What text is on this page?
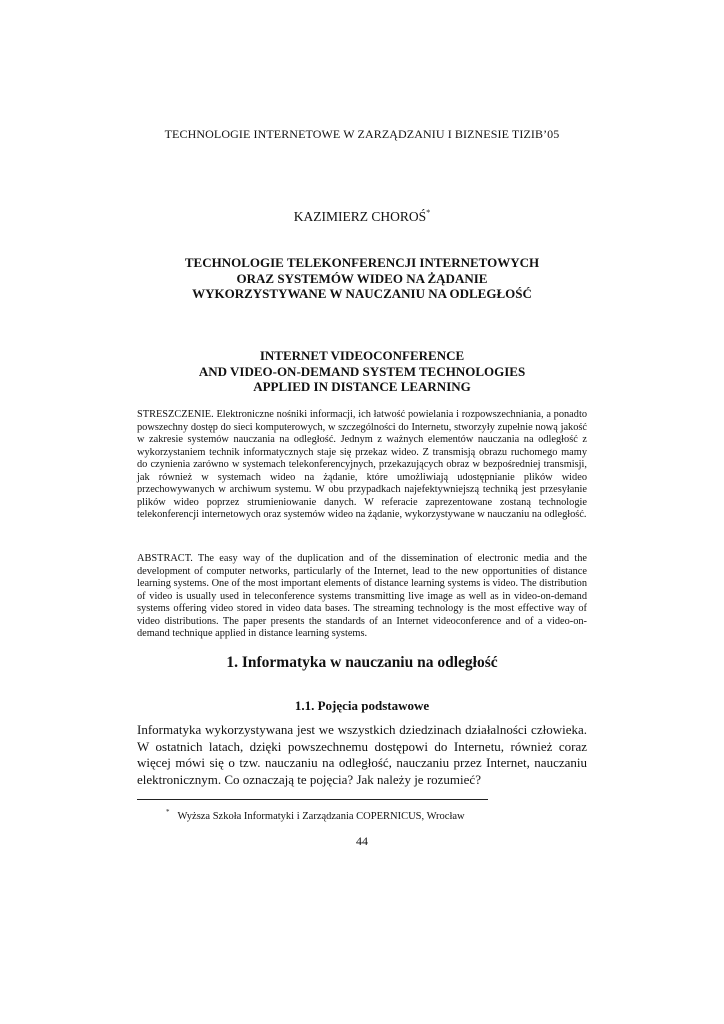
TECHNOLOGIE INTERNETOWE W ZARZĄDZANIU I BIZNESIE TIZIB’05
KAZIMIERZ CHOROŚ*
TECHNOLOGIE TELEKONFERENCJI INTERNETOWYCH
ORAZ SYSTEMÓW WIDEO NA ŻĄDANIE
WYKORZYSTYWANE W NAUCZANIU NA ODLEGŁOŚĆ
INTERNET VIDEOCONFERENCE
AND VIDEO-ON-DEMAND SYSTEM TECHNOLOGIES
APPLIED IN DISTANCE LEARNING
STRESZCZENIE. Elektroniczne nośniki informacji, ich łatwość powielania i rozpowszechniania, a ponadto powszechny dostęp do sieci komputerowych, w szczególności do Internetu, stworzyły zupełnie nową jakość w zakresie systemów nauczania na odległość. Jednym z ważnych elementów nauczania na odległość z wykorzystaniem technik informatycznych staje się przekaz wideo. Z transmisją obrazu ruchomego mamy do czynienia zarówno w systemach telekonferencyjnych, przekazujących obraz w bezpośredniej transmisji, jak również w systemach wideo na żądanie, które umożliwiają udostępnianie plików wideo przechowywanych w archiwum systemu. W obu przypadkach najefektywniejszą techniką jest przesyłanie plików wideo poprzez strumieniowanie danych. W referacie zaprezentowane zostaną technologie telekonferencji internetowych oraz systemów wideo na żądanie, wykorzystywane w nauczaniu na odległość.
ABSTRACT. The easy way of the duplication and of the dissemination of electronic media and the development of computer networks, particularly of the Internet, lead to the new opportunities of distance learning systems. One of the most important elements of distance learning systems is video. The distribution of video is usually used in teleconference systems transmitting live image as well as in video-on-demand systems offering video stored in video data bases. The streaming technology is the most effective way of video distributions. The paper presents the standards of an Internet videoconference and of a video-on-demand technique applied in distance learning systems.
1. Informatyka w nauczaniu na odległość
1.1. Pojęcia podstawowe
Informatyka wykorzystywana jest we wszystkich dziedzinach działalności człowieka. W ostatnich latach, dzięki powszechnemu dostępowi do Internetu, również coraz więcej mówi się o tzw. nauczaniu na odległość, nauczaniu przez Internet, nauczaniu elektronicznym. Co oznaczają te pojęcia? Jak należy je rozumieć?
* Wyższa Szkoła Informatyki i Zarządzania COPERNICUS, Wrocław
44
